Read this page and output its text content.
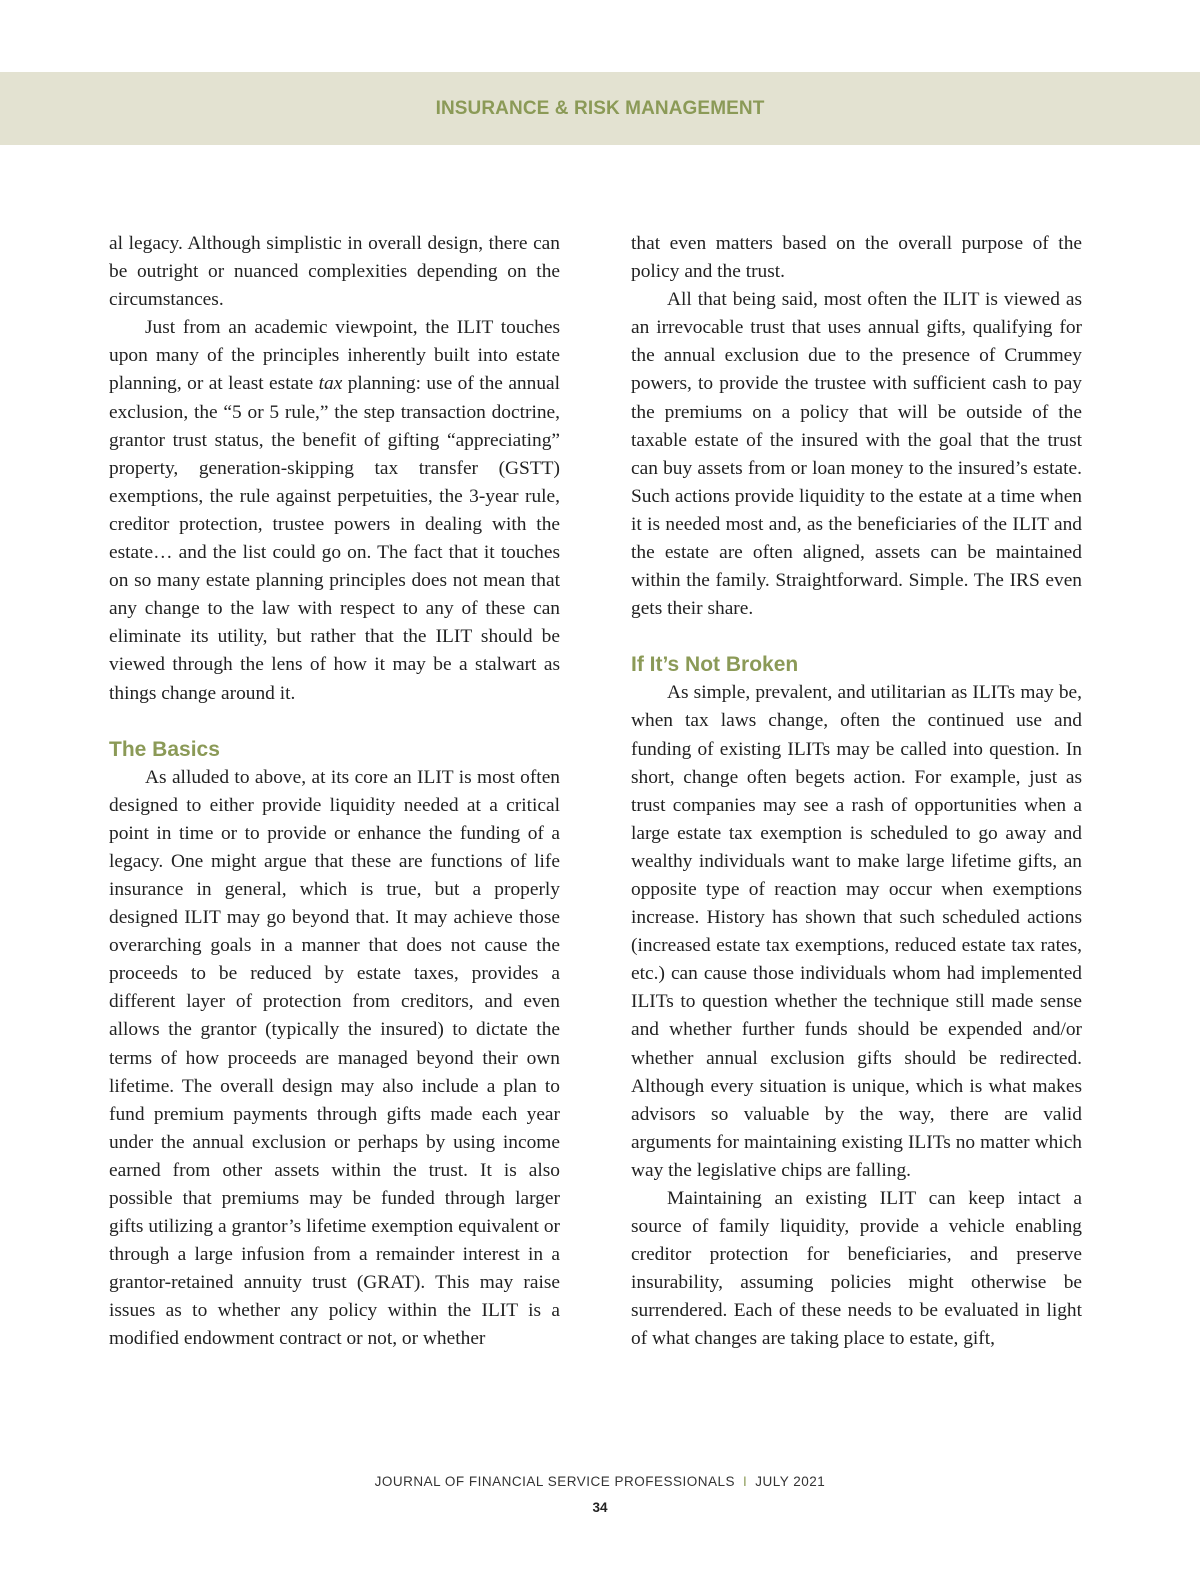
INSURANCE & RISK MANAGEMENT

al legacy. Although simplistic in overall design, there can be outright or nuanced complexities depending on the circumstances.

Just from an academic viewpoint, the ILIT touches upon many of the principles inherently built into estate planning, or at least estate tax planning: use of the annual exclusion, the “5 or 5 rule,” the step transaction doctrine, grantor trust status, the benefit of gifting “appreciating” property, generation-skipping tax transfer (GSTT) exemptions, the rule against perpetuities, the 3-year rule, creditor protection, trustee powers in dealing with the estate… and the list could go on. The fact that it touches on so many estate planning principles does not mean that any change to the law with respect to any of these can eliminate its utility, but rather that the ILIT should be viewed through the lens of how it may be a stalwart as things change around it.

The Basics

As alluded to above, at its core an ILIT is most often designed to either provide liquidity needed at a critical point in time or to provide or enhance the funding of a legacy. One might argue that these are functions of life insurance in general, which is true, but a properly designed ILIT may go beyond that. It may achieve those overarching goals in a manner that does not cause the proceeds to be reduced by estate taxes, provides a different layer of protection from creditors, and even allows the grantor (typically the insured) to dictate the terms of how proceeds are managed beyond their own lifetime. The overall design may also include a plan to fund premium payments through gifts made each year under the annual exclusion or perhaps by using income earned from other assets within the trust. It is also possible that premiums may be funded through larger gifts utilizing a grantor’s lifetime exemption equivalent or through a large infusion from a remainder interest in a grantor-retained annuity trust (GRAT). This may raise issues as to whether any policy within the ILIT is a modified endowment contract or not, or whether

that even matters based on the overall purpose of the policy and the trust.

All that being said, most often the ILIT is viewed as an irrevocable trust that uses annual gifts, qualifying for the annual exclusion due to the presence of Crummey powers, to provide the trustee with sufficient cash to pay the premiums on a policy that will be outside of the taxable estate of the insured with the goal that the trust can buy assets from or loan money to the insured’s estate. Such actions provide liquidity to the estate at a time when it is needed most and, as the beneficiaries of the ILIT and the estate are often aligned, assets can be maintained within the family. Straightforward. Simple. The IRS even gets their share.

If It’s Not Broken

As simple, prevalent, and utilitarian as ILITs may be, when tax laws change, often the continued use and funding of existing ILITs may be called into question. In short, change often begets action. For example, just as trust companies may see a rash of opportunities when a large estate tax exemption is scheduled to go away and wealthy individuals want to make large lifetime gifts, an opposite type of reaction may occur when exemptions increase. History has shown that such scheduled actions (increased estate tax exemptions, reduced estate tax rates, etc.) can cause those individuals whom had implemented ILITs to question whether the technique still made sense and whether further funds should be expended and/or whether annual exclusion gifts should be redirected. Although every situation is unique, which is what makes advisors so valuable by the way, there are valid arguments for maintaining existing ILITs no matter which way the legislative chips are falling.

Maintaining an existing ILIT can keep intact a source of family liquidity, provide a vehicle enabling creditor protection for beneficiaries, and preserve insurability, assuming policies might otherwise be surrendered. Each of these needs to be evaluated in light of what changes are taking place to estate, gift,

JOURNAL OF FINANCIAL SERVICE PROFESSIONALS I JULY 2021
34
